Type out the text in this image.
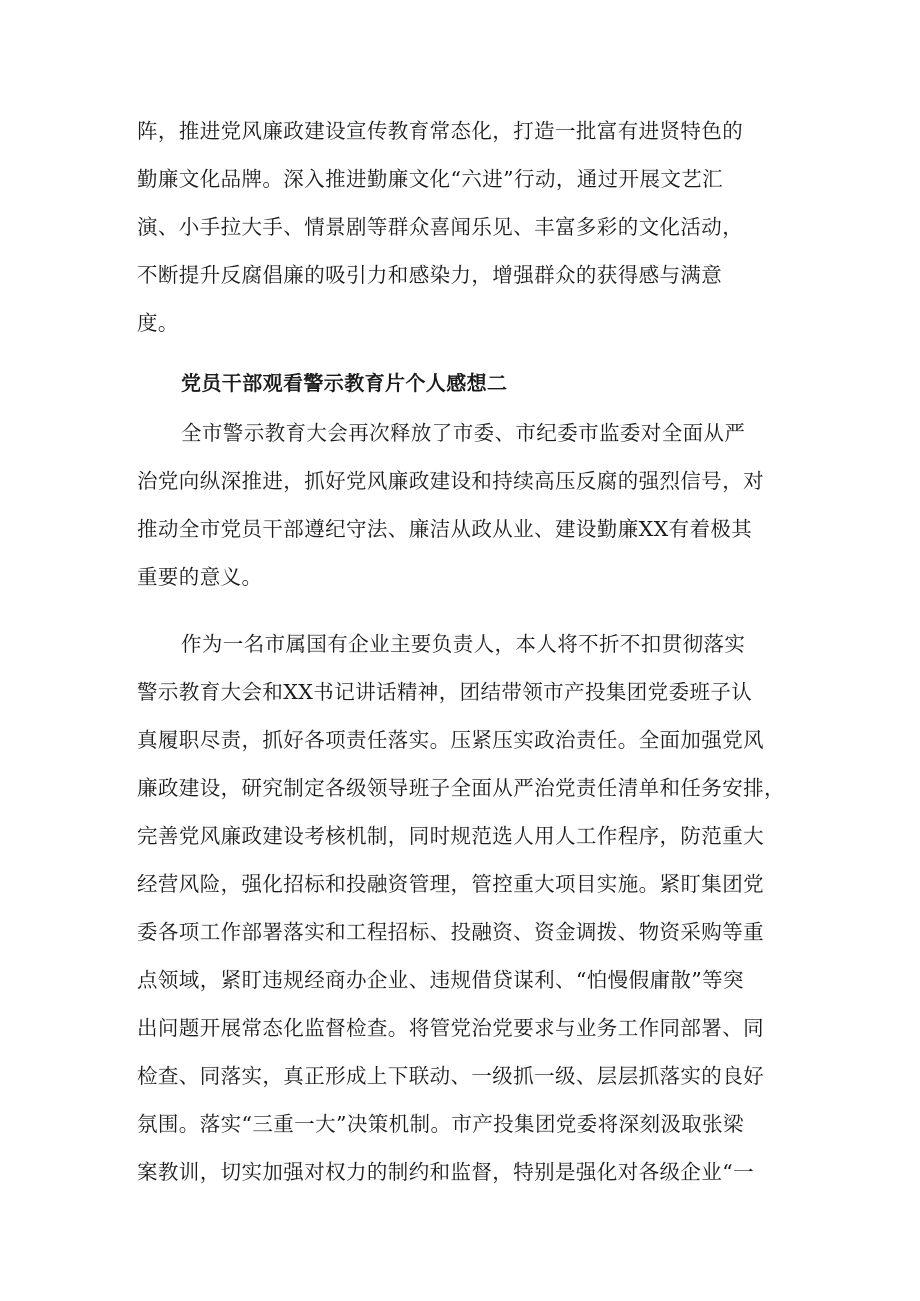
阵，推进党风廉政建设宣传教育常态化，打造一批富有进贤特色的
勤廉文化品牌。深入推进勤廉文化“六进”行动，通过开展文艺汇
演、小手拉大手、情景剧等群众喜闻乐见、丰富多彩的文化活动，
不断提升反腐倡廉的吸引力和感染力，增强群众的获得感与满意
度。
党员干部观看警示教育片个人感想二
全市警示教育大会再次释放了市委、市纪委市监委对全面从严
治党向纵深推进，抓好党风廉政建设和持续高压反腐的强烈信号，对
推动全市党员干部遵纪守法、廉洁从政从业、建设勤廉XX有着极其
重要的意义。
作为一名市属国有企业主要负责人，本人将不折不扣贯彻落实
警示教育大会和XX书记讲话精神，团结带领市产投集团党委班子认
真履职尽责，抓好各项责任落实。压紧压实政治责任。全面加强党风
廉政建设，研究制定各级领导班子全面从严治党责任清单和任务安排，
完善党风廉政建设考核机制，同时规范选人用人工作程序，防范重大
经营风险，强化招标和投融资管理，管控重大项目实施。紧盯集团党
委各项工作部署落实和工程招标、投融资、资金调拨、物资采购等重
点领域，紧盯违规经商办企业、违规借贷谋利、“怕慢假庸散”等突
出问题开展常态化监督检查。将管党治党要求与业务工作同部署、同
检查、同落实，真正形成上下联动、一级抓一级、层层抓落实的良好
氛围。落实“三重一大”决策机制。市产投集团党委将深刻汲取张梁
案教训，切实加强对权力的制约和监督，特别是强化对各级企业“一
